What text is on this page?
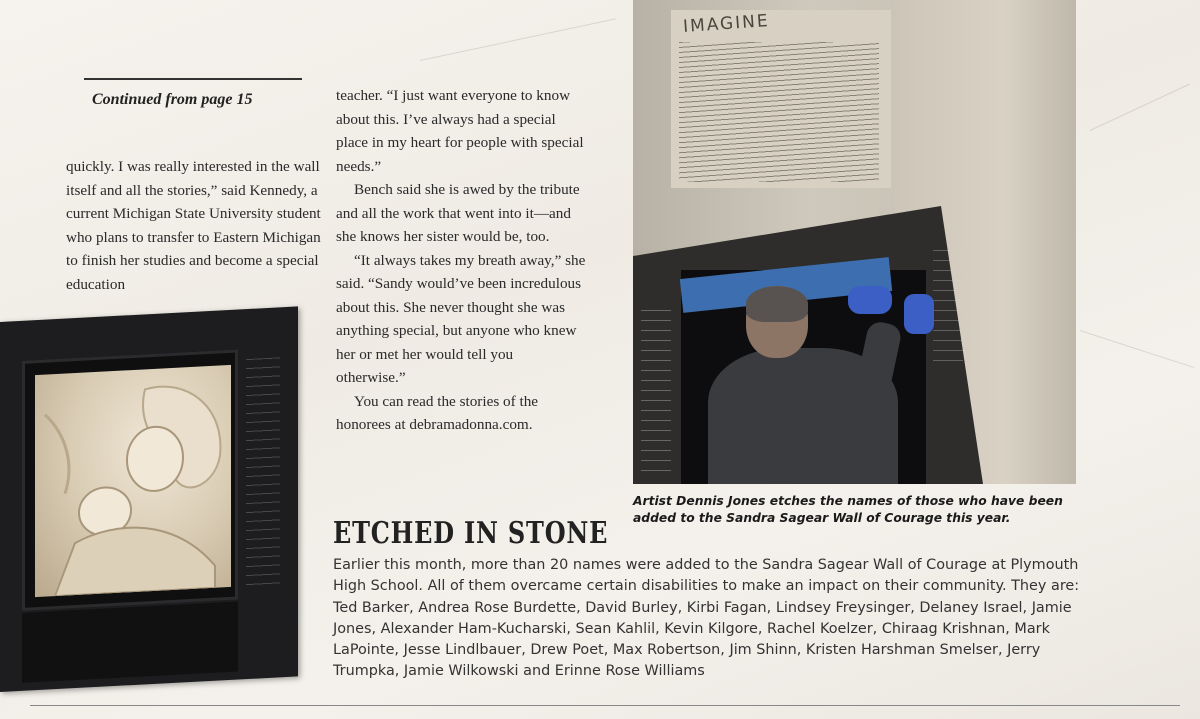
Continued from page 15
quickly. I was really interested in the wall itself and all the stories,” said Kennedy, a current Michigan State University student who plans to transfer to Eastern Michigan to finish her studies and become a special education

teacher. “I just want everyone to know about this. I’ve always had a special place in my heart for people with special needs.”

Bench said she is awed by the tribute and all the work that went into it—and she knows her sister would be, too.

“It always takes my breath away,” she said. “Sandy would’ve been incredulous about this. She never thought she was anything special, but anyone who knew her or met her would tell you otherwise.”

You can read the stories of the honorees at debramadonna.com.

IMAGINE
Artist Dennis Jones etches the names of those who have been added to the Sandra Sagear Wall of Courage this year.
ETCHED IN STONE
Earlier this month, more than 20 names were added to the Sandra Sagear Wall of Courage at Plymouth High School. All of them overcame certain disabilities to make an impact on their community. They are: Ted Barker, Andrea Rose Burdette, David Burley, Kirbi Fagan, Lindsey Freysinger, Delaney Israel, Jamie Jones, Alexander Ham-Kucharski, Sean Kahlil, Kevin Kilgore, Rachel Koelzer, Chiraag Krishnan, Mark LaPointe, Jesse Lindlbauer, Drew Poet, Max Robertson, Jim Shinn, Kristen Harshman Smelser, Jerry Trumpka, Jamie Wilkowski and Erinne Rose Williams
